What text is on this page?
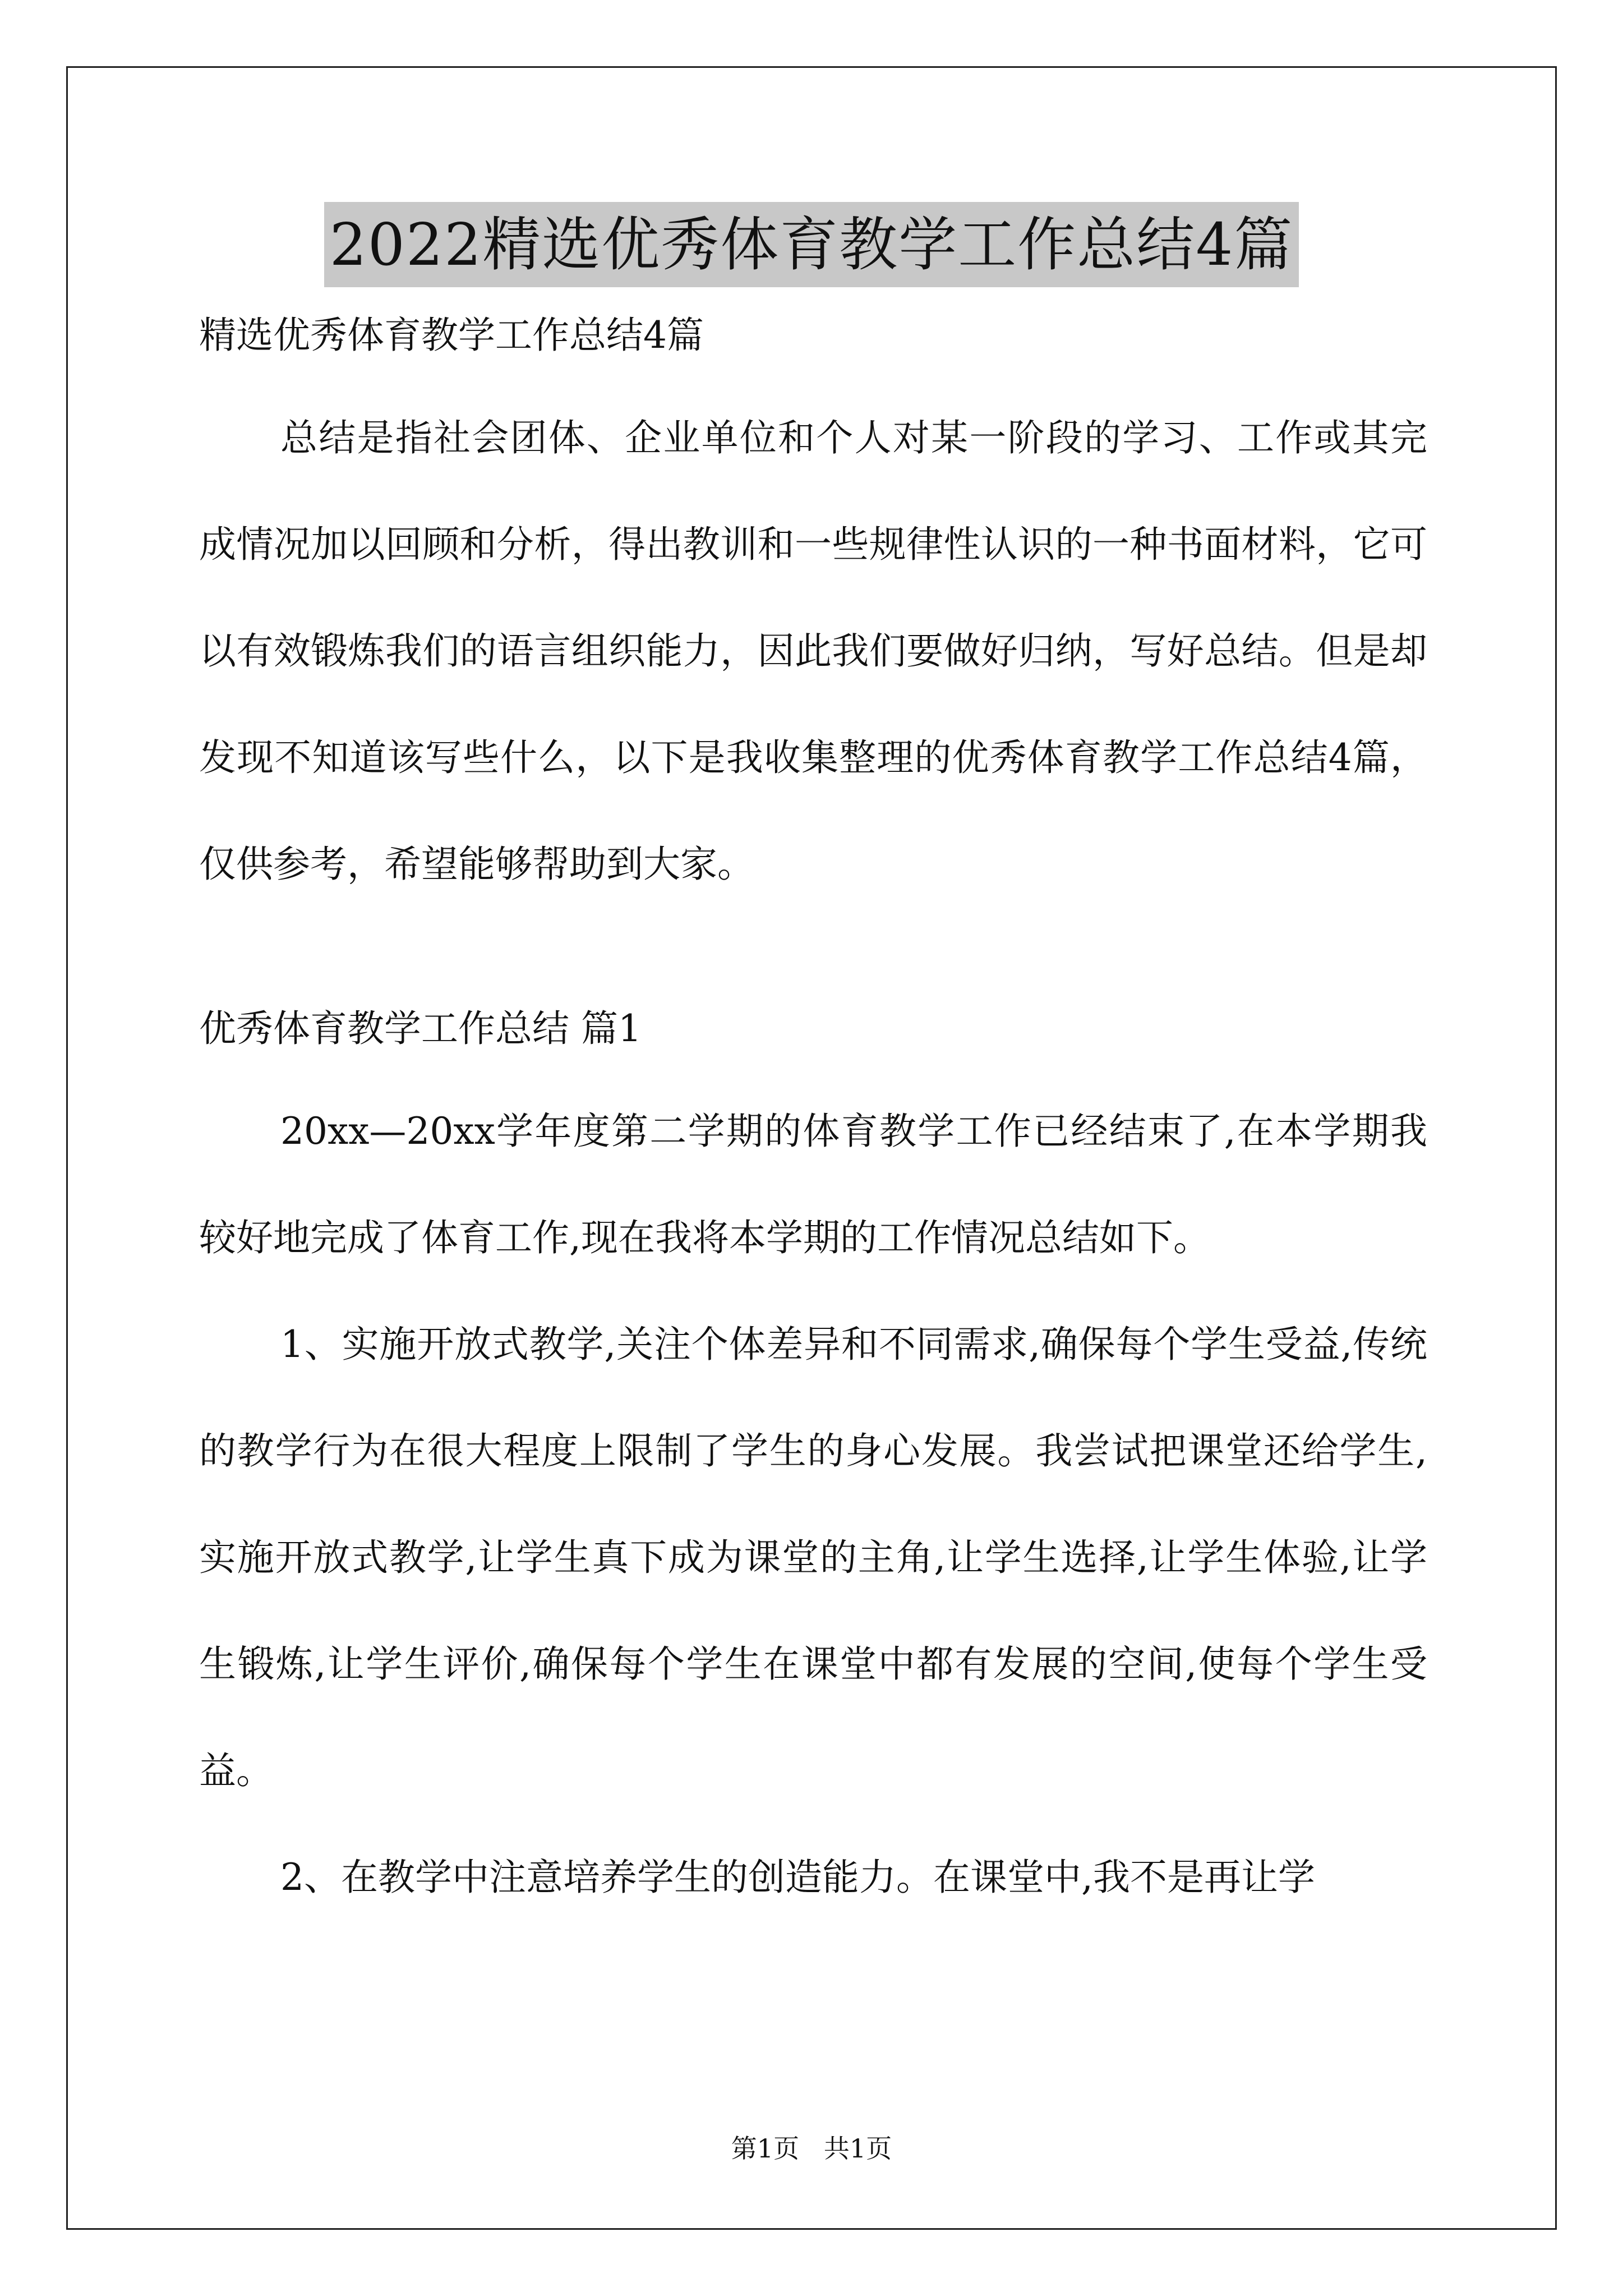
2022精选优秀体育教学工作总结4篇

精选优秀体育教学工作总结4篇

总结是指社会团体、企业单位和个人对某一阶段的学习、工作或其完成情况加以回顾和分析，得出教训和一些规律性认识的一种书面材料，它可以有效锻炼我们的语言组织能力，因此我们要做好归纳，写好总结。但是却发现不知道该写些什么，以下是我收集整理的优秀体育教学工作总结4篇，仅供参考，希望能够帮助到大家。

优秀体育教学工作总结 篇1

20xx—20xx学年度第二学期的体育教学工作已经结束了,在本学期我较好地完成了体育工作,现在我将本学期的工作情况总结如下。

1、实施开放式教学,关注个体差异和不同需求,确保每个学生受益,传统的教学行为在很大程度上限制了学生的身心发展。我尝试把课堂还给学生,实施开放式教学,让学生真下成为课堂的主角,让学生选择,让学生体验,让学生锻炼,让学生评价,确保每个学生在课堂中都有发展的空间,使每个学生受益。

2、在教学中注意培养学生的创造能力。在课堂中,我不是再让学

第1页   共1页
